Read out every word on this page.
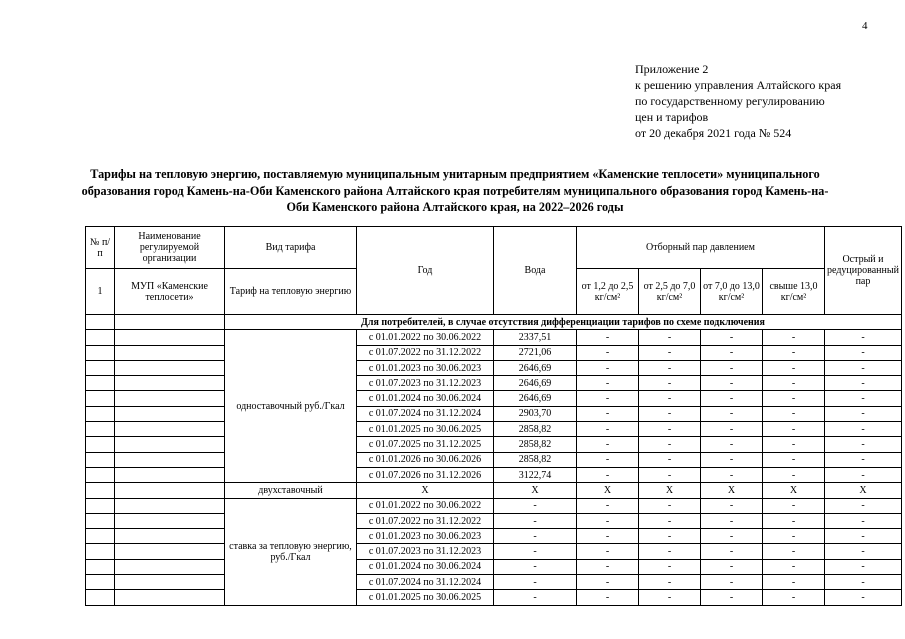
4
Приложение 2
к решению управления Алтайского края
по государственному регулированию
цен и тарифов
от 20 декабря 2021 года № 524
Тарифы на тепловую энергию, поставляемую муниципальным унитарным предприятием «Каменские теплосети» муниципального
образования город Камень-на-Оби Каменского района Алтайского края потребителям муниципального образования город Камень-на-
Оби Каменского района Алтайского края, на 2022–2026 годы
№ п/п	Наименование регулируемой организации	Вид тарифа	Год	Вода	Отборный пар давлением				Острый и редуцированный пар
1	МУП «Каменские теплосети»	Тариф на тепловую энергию			от 1,2 до 2,5 кг/см²	от 2,5 до 7,0 кг/см²	от 7,0 до 13,0 кг/см²	свыше 13,0 кг/см²	
		Для потребителей, в случае отсутствия дифференциации тарифов по схеме подключения							
		одноставочный руб./Гкал	с 01.01.2022 по 30.06.2022	2337,51	-	-	-	-	-
			с 01.07.2022 по 31.12.2022	2721,06	-	-	-	-	-
			с 01.01.2023 по 30.06.2023	2646,69	-	-	-	-	-
			с 01.07.2023 по 31.12.2023	2646,69	-	-	-	-	-
			с 01.01.2024 по 30.06.2024	2646,69	-	-	-	-	-
			с 01.07.2024 по 31.12.2024	2903,70	-	-	-	-	-
			с 01.01.2025 по 30.06.2025	2858,82	-	-	-	-	-
			с 01.07.2025 по 31.12.2025	2858,82	-	-	-	-	-
			с 01.01.2026 по 30.06.2026	2858,82	-	-	-	-	-
			с 01.07.2026 по 31.12.2026	3122,74	-	-	-	-	-
		двухставочный	X	X	X	X	X	X	X
		ставка за тепловую энергию, руб./Гкал	с 01.01.2022 по 30.06.2022	-	-	-	-	-	-
			с 01.07.2022 по 31.12.2022	-	-	-	-	-	-
			с 01.01.2023 по 30.06.2023	-	-	-	-	-	-
			с 01.07.2023 по 31.12.2023	-	-	-	-	-	-
			с 01.01.2024 по 30.06.2024	-	-	-	-	-	-
			с 01.07.2024 по 31.12.2024	-	-	-	-	-	-
			с 01.01.2025 по 30.06.2025	-	-	-	-	-	-
